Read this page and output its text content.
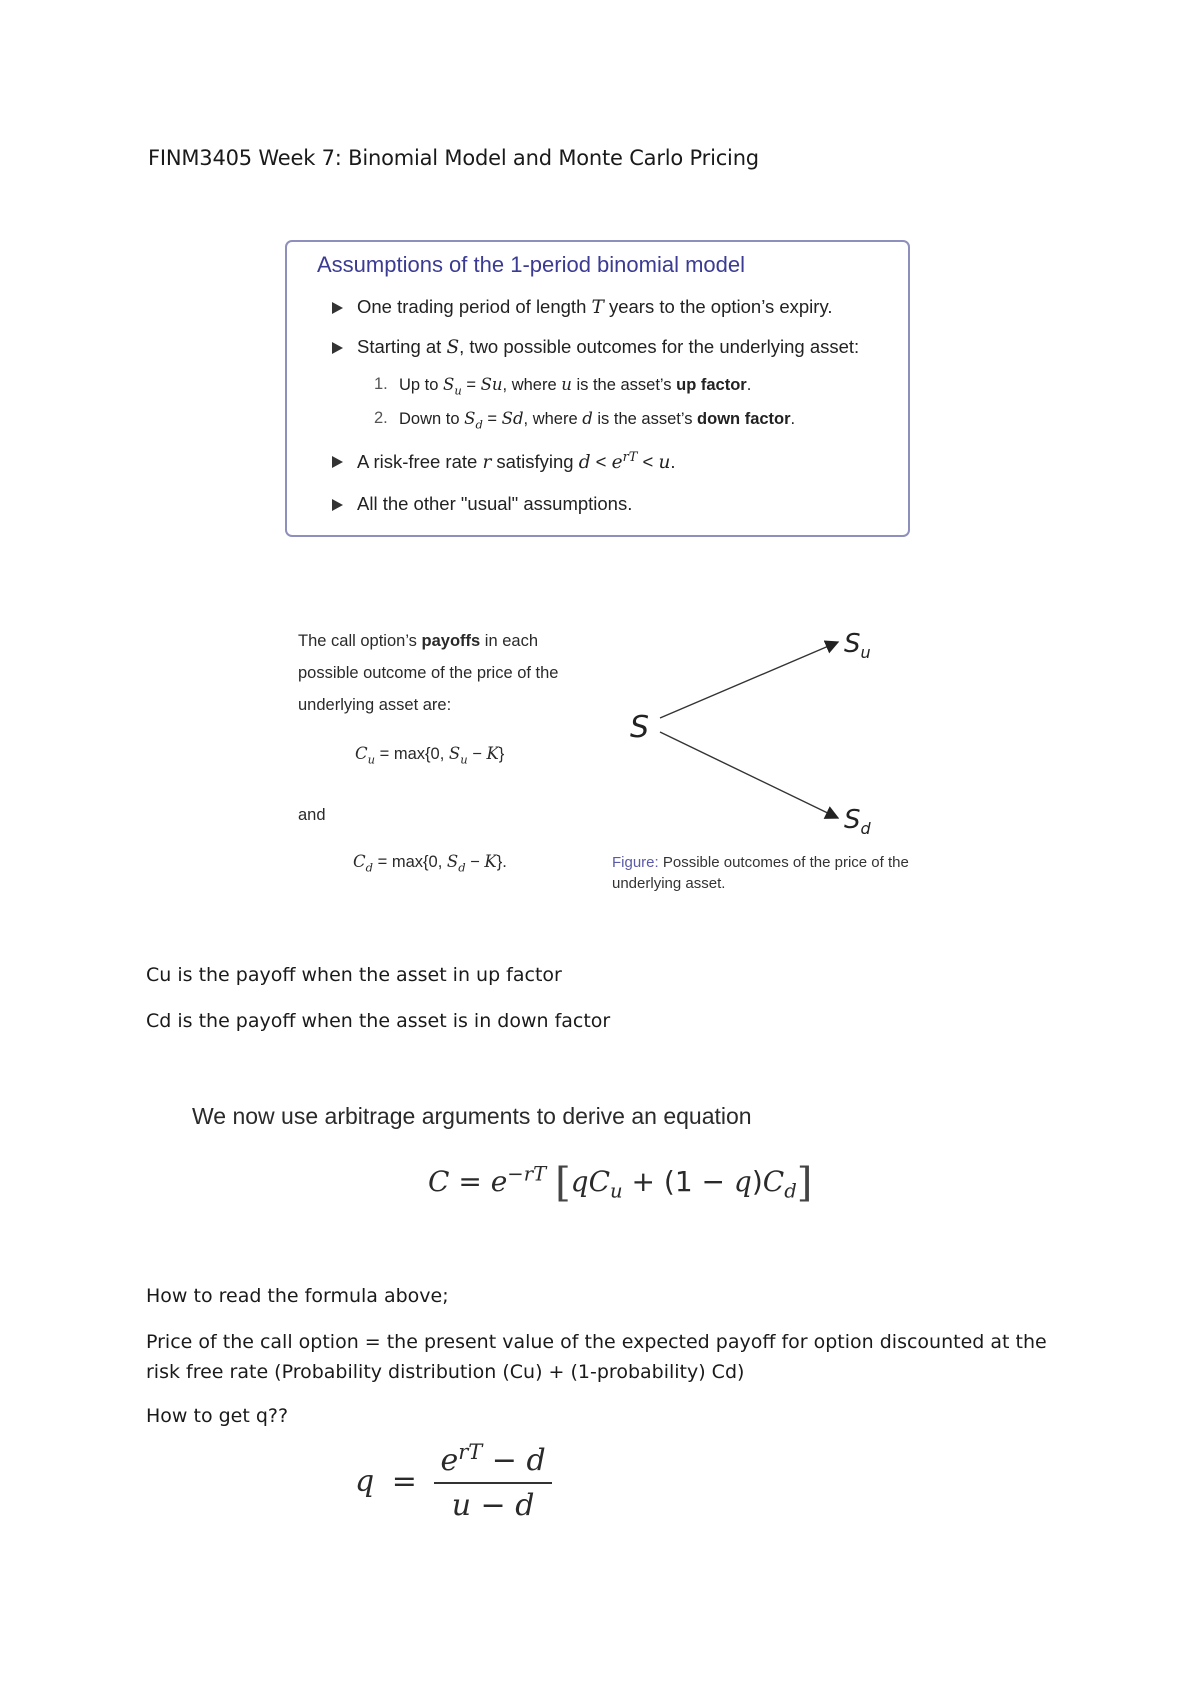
FINM3405 Week 7: Binomial Model and Monte Carlo Pricing
Assumptions of the 1-period binomial model
One trading period of length T years to the option’s expiry.
Starting at S, two possible outcomes for the underlying asset:
1. Up to $S_u = Su$, where u is the asset’s up factor.
2. Down to $S_d = Sd$, where d is the asset’s down factor.
A risk-free rate r satisfying $d < e^{rT} < u$.
All the other "usual" assumptions.
The call option’s payoffs in each
possible outcome of the price of the
underlying asset are:
$C_u = \max\{0$, $S_u - K$}
and
$C_d = \max\{0$, $S_d - K$}.
S
$S_u$
$S_d$
Figure: Possible outcomes of the price of the underlying asset.
Cu is the payoff when the asset in up factor
Cd is the payoff when the asset is in down factor
We now use arbitrage arguments to derive an equation
$C = e^{-rT}$ $[qC_u + (1 - q)C_d]$
How to read the formula above;
Price of the call option = the present value of the expected payoff for option discounted at the risk free rate (Probability distribution (Cu) + (1-probability) Cd)
How to get q??
$q = \frac{e^{rT} - d}{u - d}$
